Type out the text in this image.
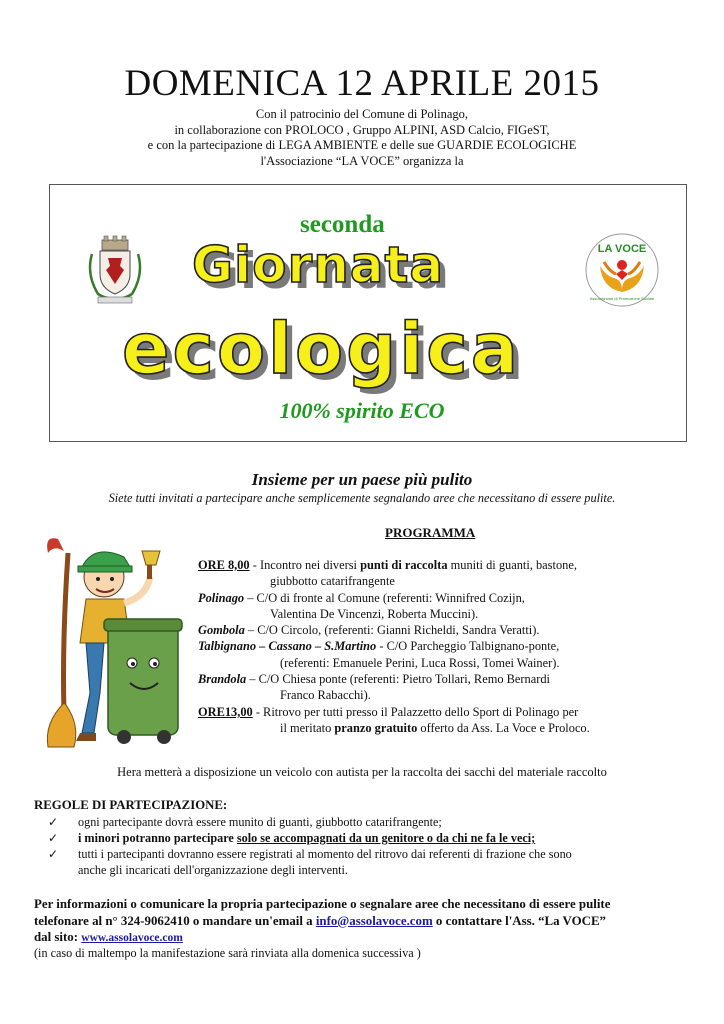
DOMENICA 12 APRILE 2015
Con il patrocinio del Comune di Polinago,
in collaborazione con PROLOCO , Gruppo ALPINI, ASD Calcio, FIGeST,
e con la partecipazione di LEGA AMBIENTE e delle sue GUARDIE ECOLOGICHE
l'Associazione “LA VOCE” organizza la
LA VOCE
Associazione di Promozione Sociale
seconda
Giornata
ecologica
100% spirito ECO
Insieme per un paese più pulito
Siete tutti invitati a partecipare anche semplicemente segnalando aree che necessitano di essere pulite.
PROGRAMMA
ORE 8,00 - Incontro nei diversi punti di raccolta muniti di guanti, bastone,
giubbotto catarifrangente
Polinago – C/O di fronte al Comune (referenti: Winnifred Cozijn,
Valentina De Vincenzi, Roberta Muccini).
Gombola – C/O Circolo, (referenti: Gianni Richeldi, Sandra Veratti).
Talbignano – Cassano – S.Martino - C/O Parcheggio Talbignano-ponte,
(referenti: Emanuele Perini, Luca Rossi, Tomei Wainer).
Brandola – C/O Chiesa ponte (referenti: Pietro Tollari, Remo Bernardi
Franco Rabacchi).
ORE13,00 - Ritrovo per tutti presso il Palazzetto dello Sport di Polinago per
il meritato pranzo gratuito offerto da Ass. La Voce e Proloco.
Hera metterà a disposizione un veicolo con autista per la raccolta dei sacchi del materiale raccolto
REGOLE DI PARTECIPAZIONE:
✓ ogni partecipante dovrà essere munito di guanti, giubbotto catarifrangente;
✓ i minori potranno partecipare solo se accompagnati da un genitore o da chi ne fa le veci;
✓ tutti i partecipanti dovranno essere registrati al momento del ritrovo dai referenti di frazione che sono
anche gli incaricati dell'organizzazione degli interventi.
Per informazioni o comunicare la propria partecipazione o segnalare aree che necessitano di essere pulite
telefonare al n° 324-9062410 o mandare un'email a info@assolavoce.com o contattare l'Ass. “La VOCE”
dal sito: www.assolavoce.com
(in caso di maltempo la manifestazione sarà rinviata alla domenica successiva )
